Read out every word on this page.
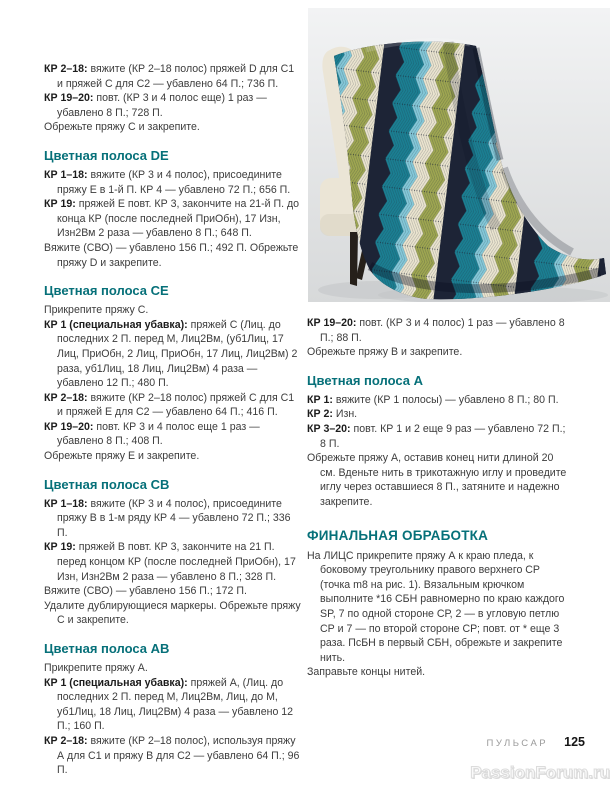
КР 2–18: вяжите (КР 2–18 полос) пряжей D для C1 и пряжей C для C2 — убавлено 64 П.; 736 П.

КР 19–20: повт. (КР 3 и 4 полос еще) 1 раз — убавлено 8 П.; 728 П.

Обрежьте пряжу C и закрепите.

Цветная полоса DE

КР 1–18: вяжите (КР 3 и 4 полос), присоедините пряжу Е в 1-й П. КР 4 — убавлено 72 П.; 656 П.

КР 19: пряжей Е повт. КР 3, закончите на 21-й П. до конца КР (после последней ПриОбн), 17 Изн, Изн2Вм 2 раза — убавлено 8 П.; 648 П.

Вяжите (СВО) — убавлено 156 П.; 492 П. Обрежьте пряжу D и закрепите.

Цветная полоса CE

Прикрепите пряжу C.

КР 1 (специальная убавка): пряжей C (Лиц. до последних 2 П. перед М, Лиц2Вм, (уб1Лиц, 17 Лиц, ПриОбн, 2 Лиц, ПриОбн, 17 Лиц, Лиц2Вм) 2 раза, уб1Лиц, 18 Лиц, Лиц2Вм) 4 раза — убавлено 12 П.; 480 П.

КР 2–18: вяжите (КР 2–18 полос) пряжей C для C1 и пряжей Е для C2 — убавлено 64 П.; 416 П.

КР 19–20: повт. КР 3 и 4 полос еще 1 раз — убавлено 8 П.; 408 П.

Обрежьте пряжу Е и закрепите.

Цветная полоса CB

КР 1–18: вяжите (КР 3 и 4 полос), присоедините пряжу В в 1-м ряду КР 4 — убавлено 72 П.; 336 П.

КР 19: пряжей В повт. КР 3, закончите на 21 П. перед концом КР (после последней ПриОбн), 17 Изн, Изн2Вм 2 раза — убавлено 8 П.; 328 П.

Вяжите (СВО) — убавлено 156 П.; 172 П.

Удалите дублирующиеся маркеры. Обрежьте пряжу C и закрепите.

Цветная полоса AB

Прикрепите пряжу А.

КР 1 (специальная убавка): пряжей А, (Лиц. до последних 2 П. перед М, Лиц2Вм, Лиц, до М, уб1Лиц, 18 Лиц, Лиц2Вм) 4 раза — убавлено 12 П.; 160 П.

КР 2–18: вяжите (КР 2–18 полос), используя пряжу А для C1 и пряжу В для C2 — убавлено 64 П.; 96 П.

КР 19–20: повт. (КР 3 и 4 полос) 1 раз — убавлено 8 П.; 88 П.

Обрежьте пряжу В и закрепите.

Цветная полоса А

КР 1: вяжите (КР 1 полосы) — убавлено 8 П.; 80 П.

КР 2: Изн.

КР 3–20: повт. КР 1 и 2 еще 9 раз — убавлено 72 П.; 8 П.

Обрежьте пряжу А, оставив конец нити длиной 20 см. Вденьте нить в трикотажную иглу и проведите иглу через оставшиеся 8 П., затяните и надежно закрепите.

ФИНАЛЬНАЯ ОБРАБОТКА

На ЛИЦС прикрепите пряжу А к краю пледа, к боковому треугольнику правого верхнего СР (точка m8 на рис. 1). Вязальным крючком выполните *16 СБН равномерно по краю каждого SP, 7 по одной стороне СР, 2 — в угловую петлю СР и 7 — по второй стороне СР; повт. от * еще 3 раза. ПсБН в первый СБН, обрежьте и закрепите нить.

Заправьте концы нитей.

ПУЛЬСАР 125
PassionForum.ru
